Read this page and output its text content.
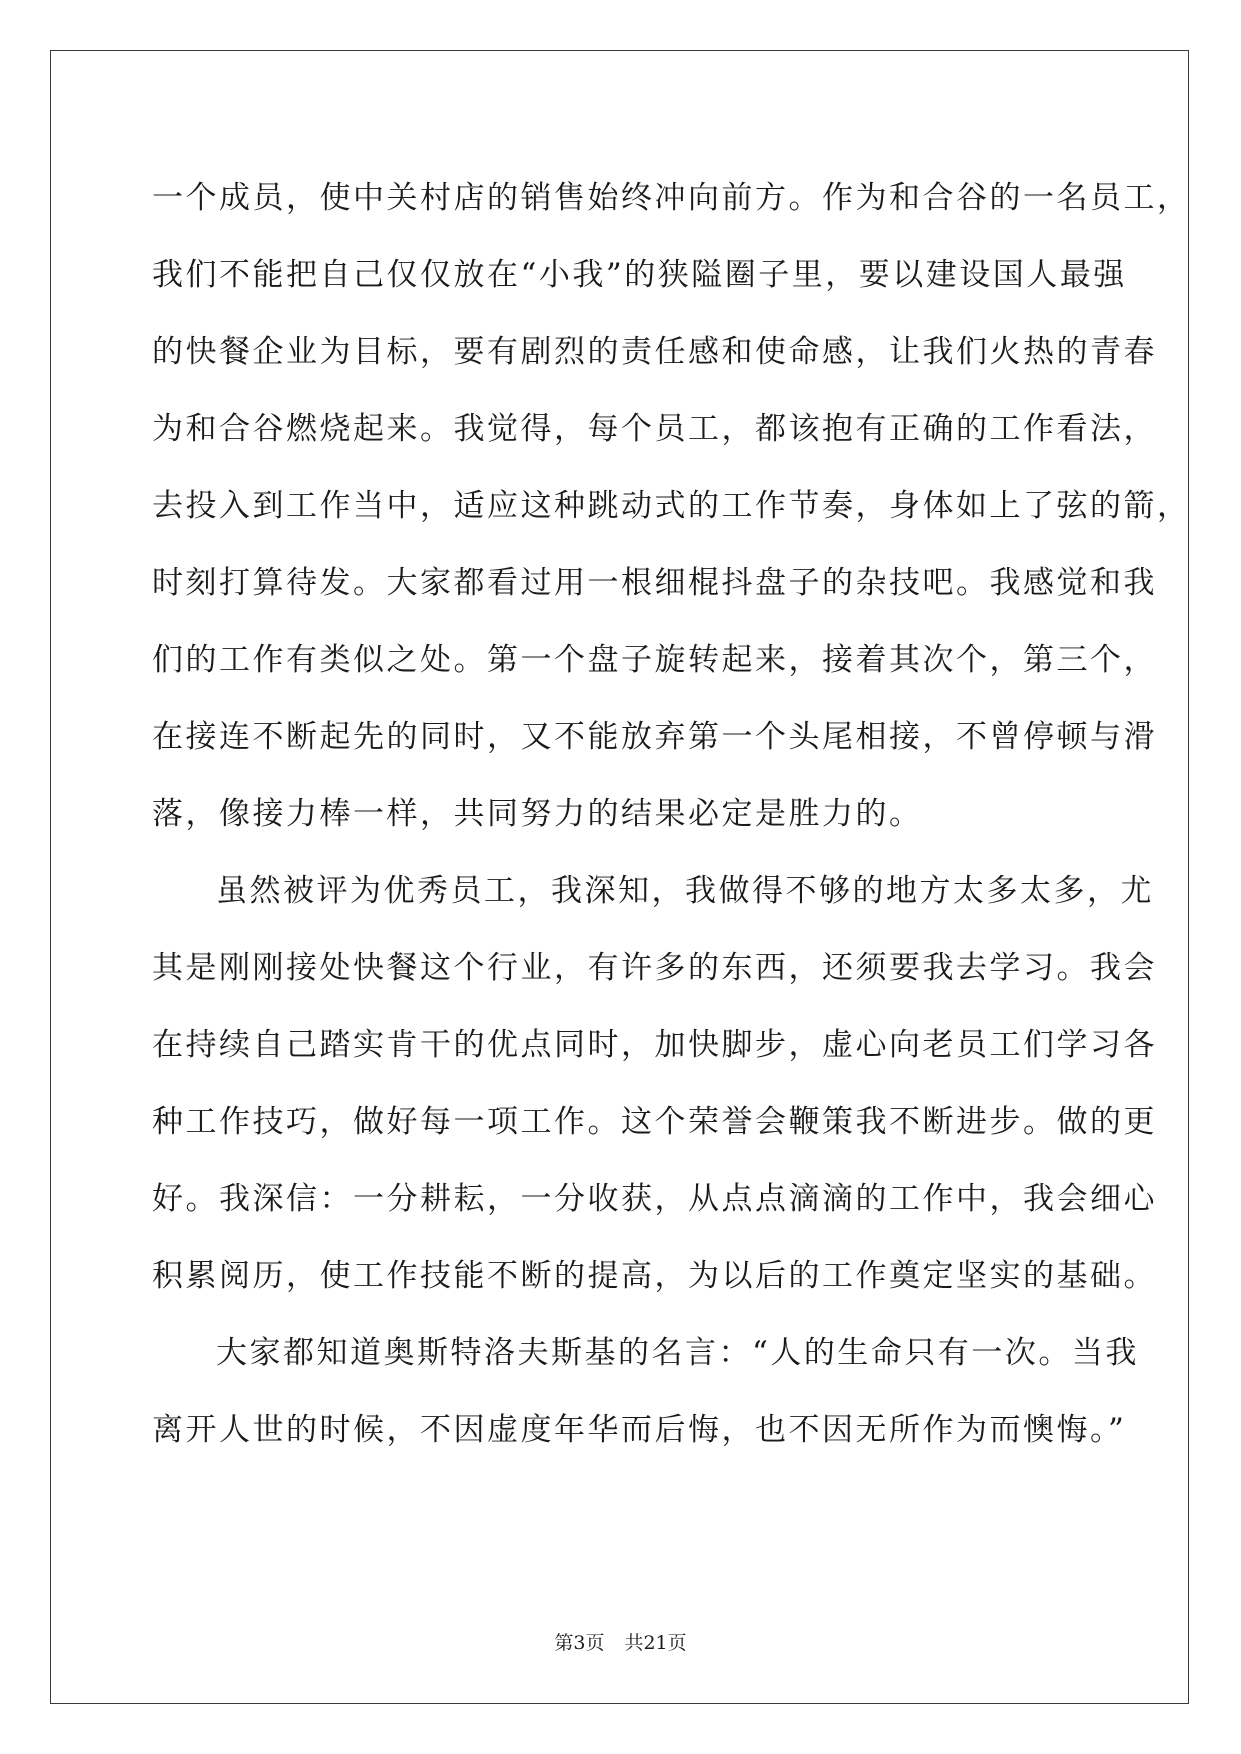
一个成员，使中关村店的销售始终冲向前方。作为和合谷的一名员工，
我们不能把自己仅仅放在“小我”的狭隘圈子里，要以建设国人最强
的快餐企业为目标，要有剧烈的责任感和使命感，让我们火热的青春
为和合谷燃烧起来。我觉得，每个员工，都该抱有正确的工作看法，
去投入到工作当中，适应这种跳动式的工作节奏，身体如上了弦的箭，
时刻打算待发。大家都看过用一根细棍抖盘子的杂技吧。我感觉和我
们的工作有类似之处。第一个盘子旋转起来，接着其次个，第三个，
在接连不断起先的同时，又不能放弃第一个头尾相接，不曾停顿与滑
落，像接力棒一样，共同努力的结果必定是胜力的。
虽然被评为优秀员工，我深知，我做得不够的地方太多太多，尤
其是刚刚接处快餐这个行业，有许多的东西，还须要我去学习。我会
在持续自己踏实肯干的优点同时，加快脚步，虚心向老员工们学习各
种工作技巧，做好每一项工作。这个荣誉会鞭策我不断进步。做的更
好。我深信：一分耕耘，一分收获，从点点滴滴的工作中，我会细心
积累阅历，使工作技能不断的提高，为以后的工作奠定坚实的基础。
大家都知道奥斯特洛夫斯基的名言：“人的生命只有一次。当我
离开人世的时候，不因虚度年华而后悔，也不因无所作为而懊悔。”
第3页 共21页
